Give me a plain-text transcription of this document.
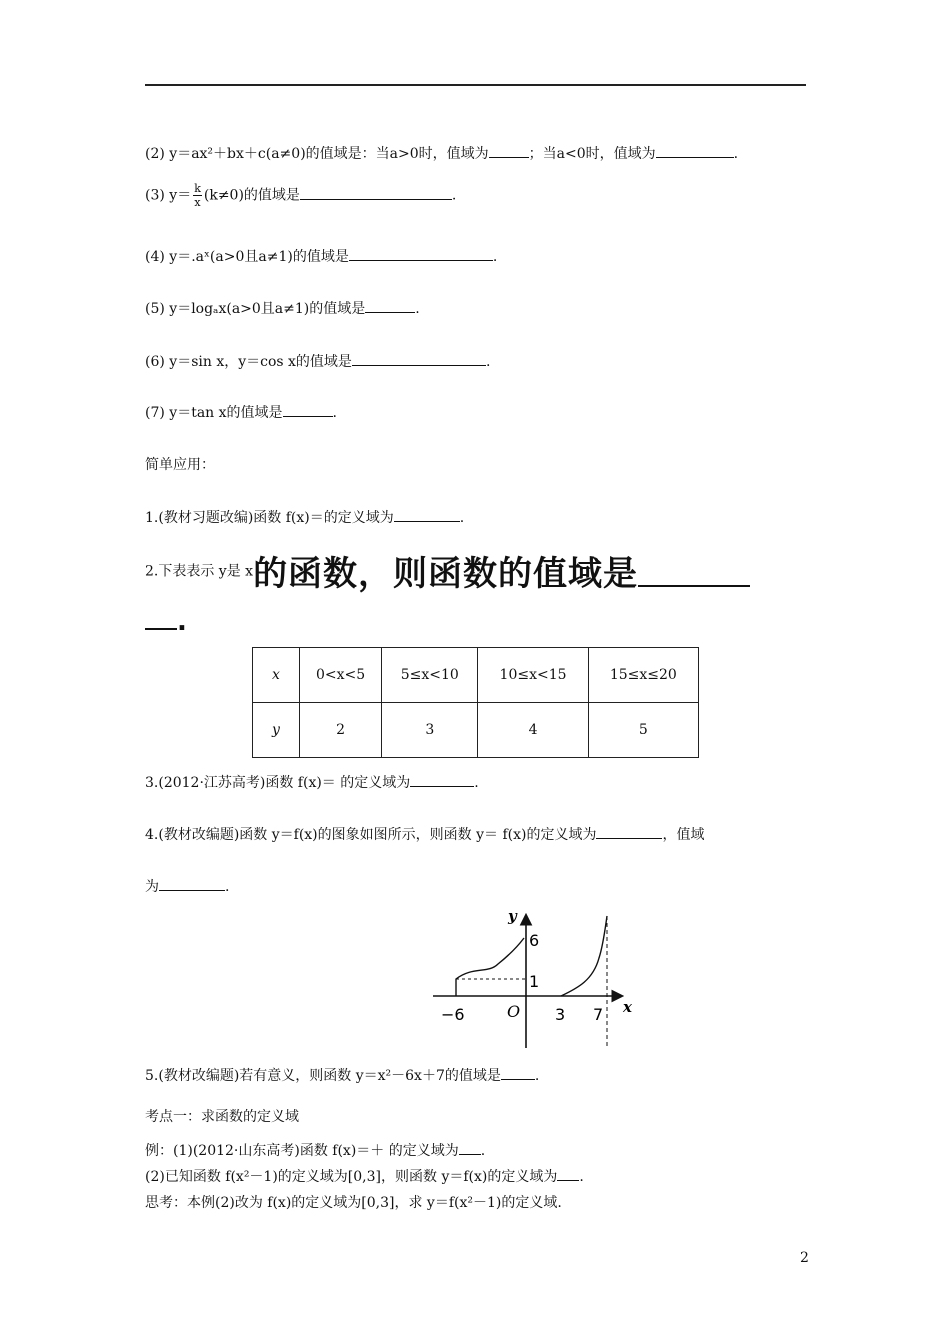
(2) y＝ax²＋bx＋c(a≠0)的值域是：当a>0时，值域为	；当a<0时，值域为	.
(3) $y= \frac{k}{x} (k\ne 0)$的值域是	.
(4) y＝.aˣ(a>0且a≠1)的值域是	.
(5) y＝logₐx(a>0且a≠1)的值域是	.
(6) y＝sin x，y＝cos x的值域是	.
(7) y＝tan x的值域是	.
简单应用：
1.(教材习题改编)函数 f(x)＝的定义域为	.
2.下表表示 y是 x的函数，则函数的值域是
.
x	0<x<5	5≤x<10	10≤x<15	15≤x≤20
y	2	3	4	5
3.(2012·江苏高考)函数 f(x)＝ 的定义域为	.
4.(教材改编题)函数 y＝f(x)的图象如图所示，则函数 y＝ f(x)的定义域为	，值域
为	.
y
x
6
1
−6	O 3 7
5.(教材改编题)若有意义，则函数 y＝x²－6x＋7的值域是 .
考点一：求函数的定义域
例：(1)(2012·山东高考)函数 f(x)＝＋ 的定义域为 .
(2)已知函数 f(x²－1)的定义域为[0,3]，则函数 y＝f(x)的定义域为 .
思考：本例(2)改为 f(x)的定义域为[0,3]，求 y＝f(x²－1)的定义域.
2
